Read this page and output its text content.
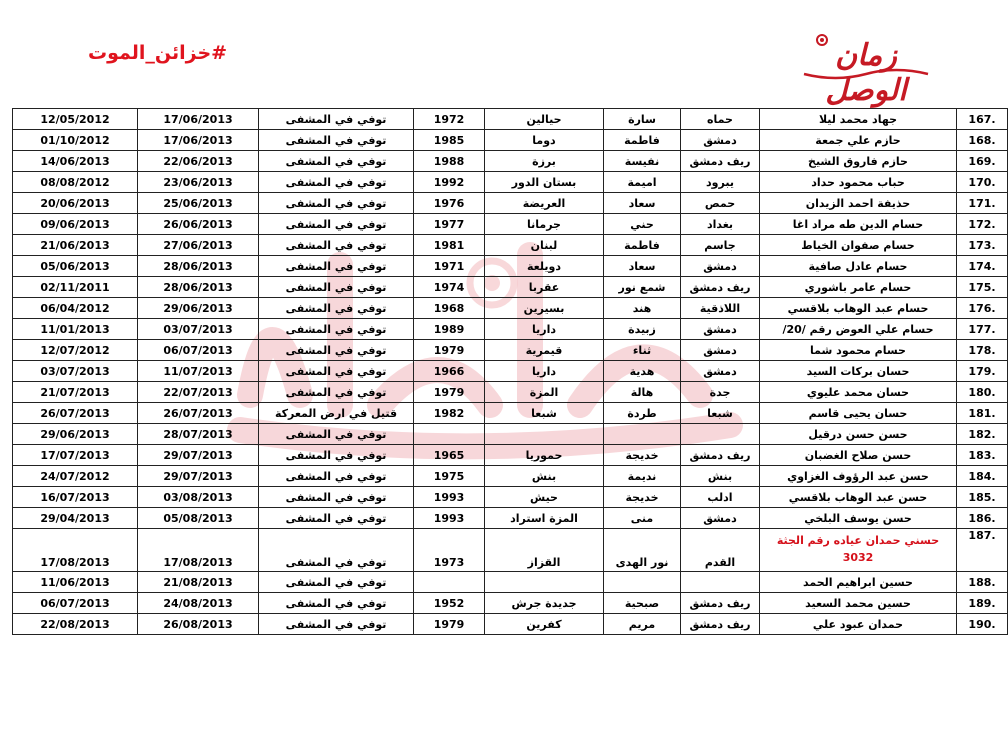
#خزائن_الموت	زمان الوصل
167.	جهاد محمد ليلا	حماه	سارة	حيالين	1972	توفي في المشفى	17/06/2013	12/05/2012
168.	حازم علي جمعة	دمشق	فاطمة	دوما	1985	توفي في المشفى	17/06/2013	01/10/2012
169.	حازم فاروق الشيخ	ريف دمشق	نفيسة	برزة	1988	توفي في المشفى	22/06/2013	14/06/2013
170.	حباب محمود حداد	يبرود	اميمة	بستان الدور	1992	توفي في المشفى	23/06/2013	08/08/2012
171.	حذيفة احمد الزيدان	حمص	سعاد	العريضة	1976	توفي في المشفى	25/06/2013	20/06/2013
172.	حسام الدين طه مراد اغا	بغداد	حني	جرمانا	1977	توفي في المشفى	26/06/2013	09/06/2013
173.	حسام صفوان الخياط	جاسم	فاطمة	لبنان	1981	توفي في المشفى	27/06/2013	21/06/2013
174.	حسام عادل صافية	دمشق	سعاد	دويلعة	1971	توفي في المشفى	28/06/2013	05/06/2013
175.	حسام عامر باشوري	ريف دمشق	شمع نور	عقربا	1974	توفي في المشفى	28/06/2013	02/11/2011
176.	حسام عبد الوهاب بلاقسي	اللاذقية	هند	بسيرين	1968	توفي في المشفى	29/06/2013	06/04/2012
177.	حسام علي العوض رقم /20/	دمشق	زبيدة	داريا	1989	توفي في المشفى	03/07/2013	11/01/2013
178.	حسام محمود شما	دمشق	ثناء	قيمرية	1979	توفي في المشفى	06/07/2013	12/07/2012
179.	حسان بركات السيد	دمشق	هدية	داريا	1966	توفي في المشفى	11/07/2013	03/07/2013
180.	حسان محمد عليوي	جدة	هالة	المزة	1979	توفي في المشفى	22/07/2013	21/07/2013
181.	حسان يحيى قاسم	شبعا	طردة	شبعا	1982	قتيل في ارض المعركة	26/07/2013	26/07/2013
182.	حسن حسن درقيل					توفي في المشفى	28/07/2013	29/06/2013
183.	حسن صلاح الغضبان	ريف دمشق	خديجة	حموريا	1965	توفي في المشفى	29/07/2013	17/07/2013
184.	حسن عبد الرؤوف الغزاوي	بنش	نديمة	بنش	1975	توفي في المشفى	29/07/2013	24/07/2012
185.	حسن عبد الوهاب بلاقسي	ادلب	خديجة	حيش	1993	توفي في المشفى	03/08/2013	16/07/2013
186.	حسن يوسف البلخي	دمشق	منى	المزة استراد	1993	توفي في المشفى	05/08/2013	29/04/2013
187.	حسني حمدان عياده رقم الجثة 3032	القدم	نور الهدى	القزاز	1973	توفي في المشفى	17/08/2013	17/08/2013
188.	حسين ابراهيم الحمد					توفي في المشفى	21/08/2013	11/06/2013
189.	حسين محمد السعيد	ريف دمشق	صبحية	جديدة جرش	1952	توفي في المشفى	24/08/2013	06/07/2013
190.	حمدان عبود علي	ريف دمشق	مريم	كفرين	1979	توفي في المشفى	26/08/2013	22/08/2013
